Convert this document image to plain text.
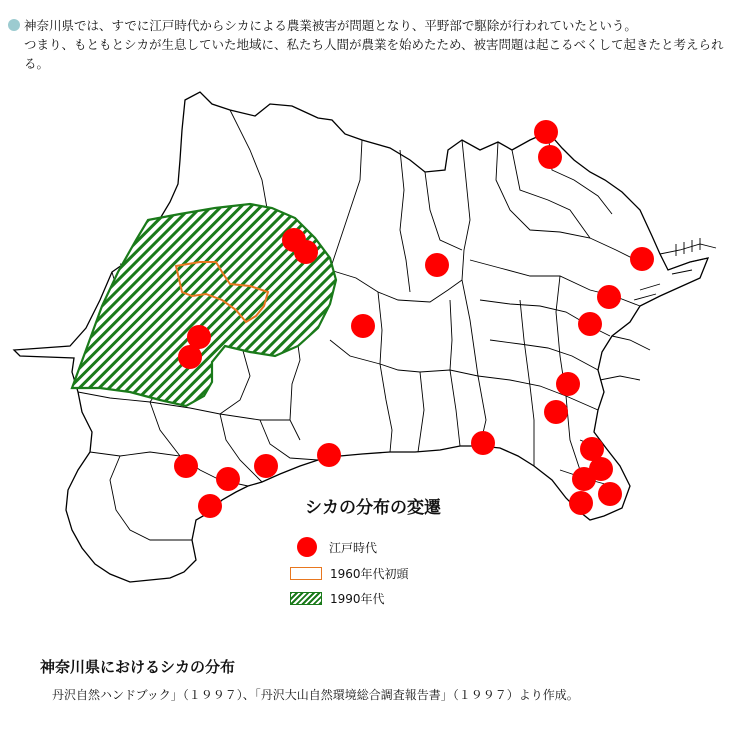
神奈川県では、すでに江戸時代からシカによる農業被害が問題となり、平野部で駆除が行われていたという。

つまり、もともとシカが生息していた地域に、私たち人間が農業を始めたため、被害問題は起こるべくして起きたと考えられる。

シカの分布の変遷
江戸時代
1960年代初頭
1990年代
神奈川県におけるシカの分布
丹沢自然ハンドブック」（１９９７）、「丹沢大山自然環境総合調査報告書」（１９９７）より作成。
